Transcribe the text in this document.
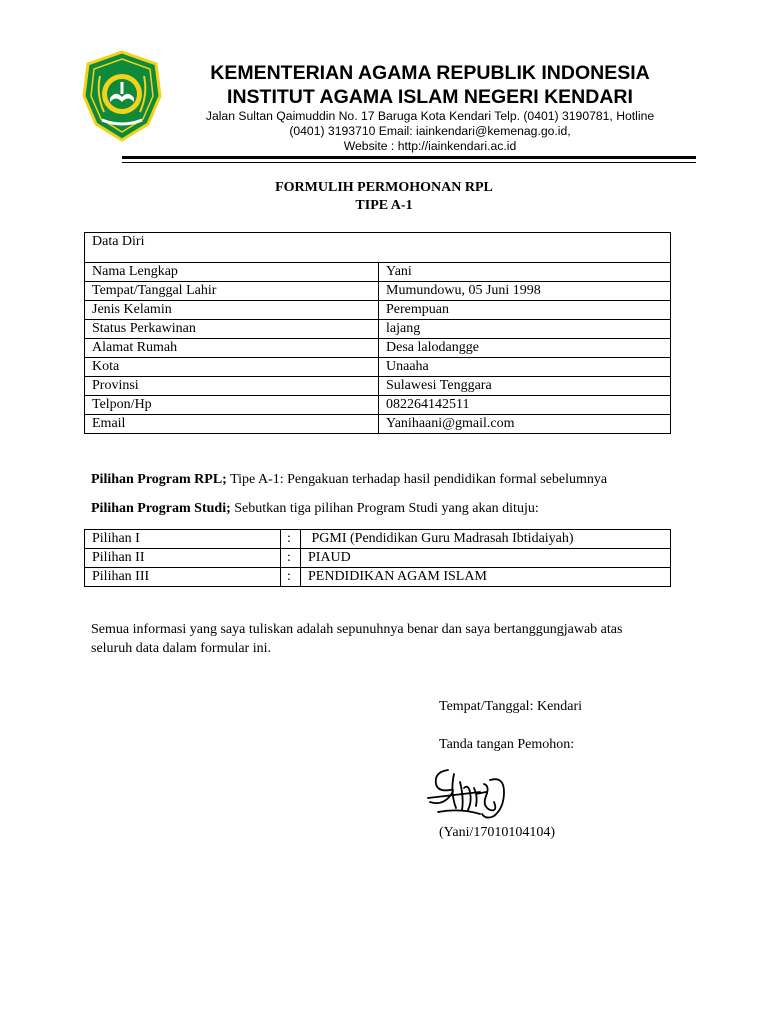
KEMENTERIAN AGAMA REPUBLIK INDONESIA
INSTITUT AGAMA ISLAM NEGERI KENDARI
Jalan Sultan Qaimuddin No. 17 Baruga Kota Kendari Telp. (0401) 3190781, Hotline
(0401) 3193710 Email: iainkendari@kemenag.go.id,
Website : http://iainkendari.ac.id
FORMULIH PERMOHONAN RPL
TIPE A-1
Data Diri	
Nama Lengkap	Yani
Tempat/Tanggal Lahir	Mumundowu, 05 Juni 1998
Jenis Kelamin	Perempuan
Status Perkawinan	lajang
Alamat Rumah	Desa lalodangge
Kota	Unaaha
Provinsi	Sulawesi Tenggara
Telpon/Hp	082264142511
Email	Yanihaani@gmail.com
Pilihan Program RPL; Tipe A-1: Pengakuan terhadap hasil pendidikan formal sebelumnya
Pilihan Program Studi; Sebutkan tiga pilihan Program Studi yang akan dituju:
Pilihan I	:	PGMI (Pendidikan Guru Madrasah Ibtidaiyah)
Pilihan II	:	PIAUD
Pilihan III	:	PENDIDIKAN AGAM ISLAM
Semua informasi yang saya tuliskan adalah sepunuhnya benar dan saya bertanggungjawab atas
seluruh data dalam formular ini.
Tempat/Tanggal: Kendari
Tanda tangan Pemohon:
(Yani/17010104104)
